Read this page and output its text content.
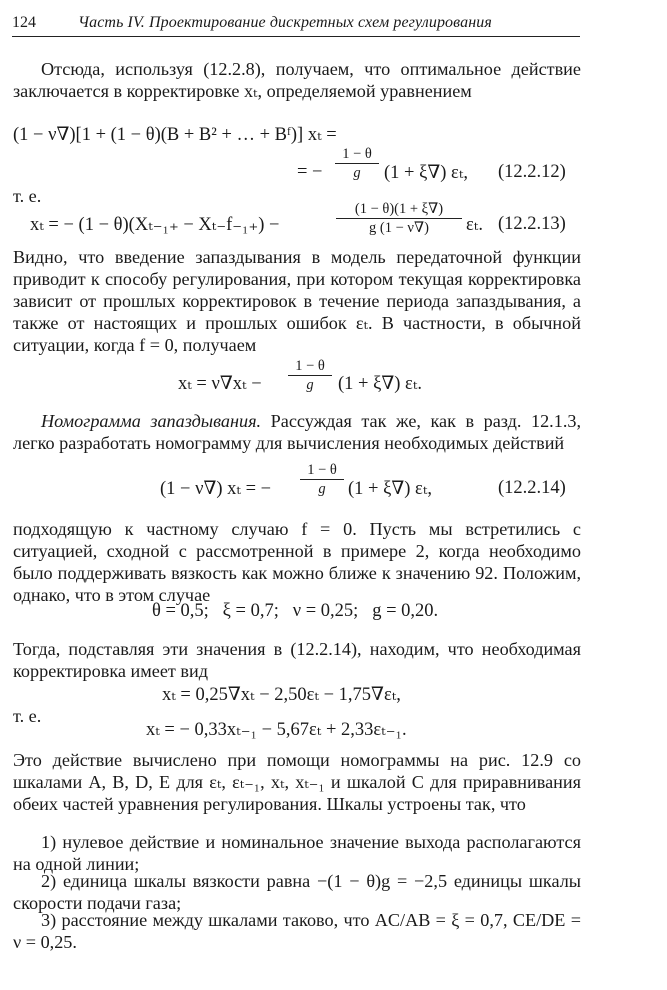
124	Часть IV. Проектирование дискретных схем регулирования

Отсюда, используя (12.2.8), получаем, что оптимальное действие заключается в корректировке xₜ, определяемой уравнением

(1 − ν∇)[1 + (1 − θ)(B + B² + … + Bᶠ)] xₜ =
= − $\frac{1 - \theta}{g} (1 + \xi\nabla)$ εₜ, (12.2.12)
т. е.
xₜ = − (1 − θ)(Xₜ₋₁₊ − Xₜ₋f₋₁₊) −	$\frac{(1 - \theta)(1 + \xi\nabla)}{g (1 - \nu\nabla)} \varepsilon_t$. (12.2.13)

Видно, что введение запаздывания в модель передаточной функции приводит к способу регулирования, при котором текущая корректировка зависит от прошлых корректировок в течение периода запаздывания, а также от настоящих и прошлых ошибок εₜ. В частности, в обычной ситуации, когда f = 0, получаем

$x_t = \nu\nabla x_t - \frac{1 - \theta}{g} (1 + \xi\nabla)$ εₜ.

Номограмма запаздывания. Рассуждая так же, как в разд. 12.1.3, легко разработать номограмму для вычисления необходимых действий

(1 − ν∇) xₜ = − $\frac{1 - \theta}{g} (1 + \xi\nabla)$ εₜ,	(12.2.14)

подходящую к частному случаю f = 0. Пусть мы встретились с ситуацией, сходной с рассмотренной в примере 2, когда необходимо было поддерживать вязкость как можно ближе к значению 92. Положим, однако, что в этом случае

θ = 0,5;   ξ = 0,7;   ν = 0,25;   g = 0,20.

Тогда, подставляя эти значения в (12.2.14), находим, что необходимая корректировка имеет вид

xₜ = 0,25∇xₜ − 2,50εₜ − 1,75∇εₜ,
т. е.
xₜ = − 0,33xₜ₋₁ − 5,67εₜ + 2,33εₜ₋₁.

Это действие вычислено при помощи номограммы на рис. 12.9 со шкалами A, B, D, E для εₜ, εₜ₋₁, xₜ, xₜ₋₁ и шкалой C для приравнивания обеих частей уравнения регулирования. Шкалы устроены так, что

1) нулевое действие и номинальное значение выхода располагаются на одной линии;

2) единица шкалы вязкости равна −(1 − θ)g = −2,5 единицы шкалы скорости подачи газа;

3) расстояние между шкалами таково, что AC/AB = ξ = 0,7, CE/DE = ν = 0,25.
